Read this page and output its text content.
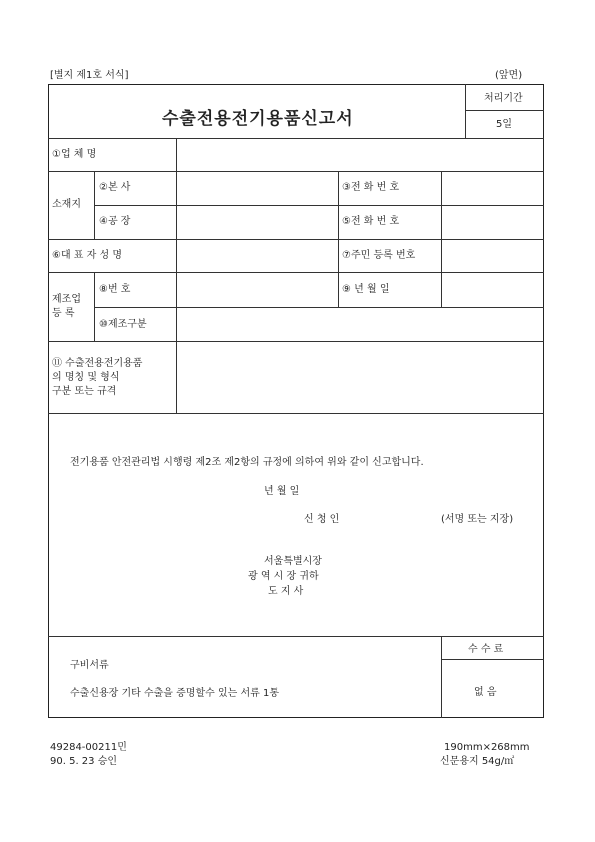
[별지 제1호 서식]	(앞면)
수출전용전기용품신고서
처리기간
5일
①업 체 명
소재지
②본 사	③전 화 번 호
④공 장	⑤전 화 번 호
⑥대 표 자 성 명	⑦주민 등록 번호
제조업
등 록
⑧번 호	⑨ 년 월 일
⑩제조구분
⑪ 수출전용전기용품
의 명칭 및 형식
구분 또는 규격
전기용품 안전관리법 시행령 제2조 제2항의 규정에 의하여 위와 같이 신고합니다.
년 월 일
신 청 인	(서명 또는 지장)
서울특별시장
광 역 시 장 귀하
도 지 사
구비서류
수출신용장 기타 수출을 증명할수 있는 서류 1통
수 수 료
없 음
49284-00211민
90. 5. 23 승인
190mm×268mm
신문용지 54g/㎡
